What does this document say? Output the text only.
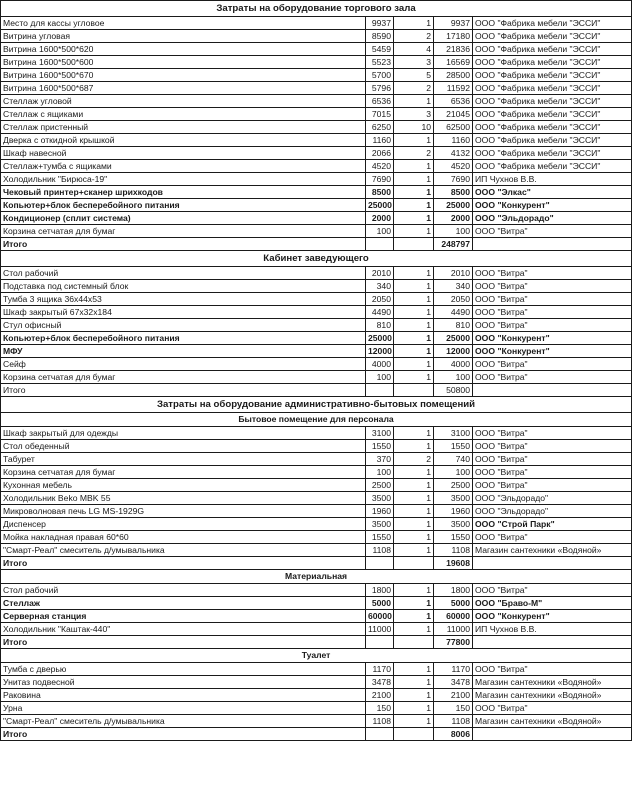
Затраты на оборудование торгового зала				
Место для кассы угловое	9937	1	9937	ООО "Фабрика мебели "ЭССИ"
Витрина угловая	8590	2	17180	ООО "Фабрика мебели "ЭССИ"
Витрина 1600*500*620	5459	4	21836	ООО "Фабрика мебели "ЭССИ"
Витрина 1600*500*600	5523	3	16569	ООО "Фабрика мебели "ЭССИ"
Витрина 1600*500*670	5700	5	28500	ООО "Фабрика мебели "ЭССИ"
Витрина 1600*500*687	5796	2	11592	ООО "Фабрика мебели "ЭССИ"
Стеллаж угловой	6536	1	6536	ООО "Фабрика мебели "ЭССИ"
Стеллаж с ящиками	7015	3	21045	ООО "Фабрика мебели "ЭССИ"
Стеллаж пристенный	6250	10	62500	ООО "Фабрика мебели "ЭССИ"
Дверка с откидной крышкой	1160	1	1160	ООО "Фабрика мебели "ЭССИ"
Шкаф навесной	2066	2	4132	ООО "Фабрика мебели "ЭССИ"
Стеллаж+тумба с ящиками	4520	1	4520	ООО "Фабрика мебели "ЭССИ"
Холодильник "Бирюса-19"	7690	1	7690	ИП Чухнов В.В.
Чековый принтер+сканер шрихкодов	8500	1	8500	ООО "Элкас"
Копьютер+блок бесперебойного питания	25000	1	25000	ООО "Конкурент"
Кондиционер (сплит система)	2000	1	2000	ООО "Эльдорадо"
Корзина сетчатая для бумаг	100	1	100	ООО "Витра"
Итого			248797	
Кабинет заведующего				
Стол рабочий	2010	1	2010	ООО "Витра"
Подставка под системный блок	340	1	340	ООО "Витра"
Тумба 3 ящика 36х44х53	2050	1	2050	ООО "Витра"
Шкаф закрытый 67х32х184	4490	1	4490	ООО "Витра"
Стул офисный	810	1	810	ООО "Витра"
Копьютер+блок бесперебойного питания	25000	1	25000	ООО "Конкурент"
МФУ	12000	1	12000	ООО "Конкурент"
Сейф	4000	1	4000	ООО "Витра"
Корзина сетчатая для бумаг	100	1	100	ООО "Витра"
Итого			50800	
Затраты на оборудование административно-бытовых помещений				
Бытовое помещение для персонала				
Шкаф закрытый для одежды	3100	1	3100	ООО "Витра"
Стол обеденный	1550	1	1550	ООО "Витра"
Табурет	370	2	740	ООО "Витра"
Корзина сетчатая для бумаг	100	1	100	ООО "Витра"
Кухонная мебель	2500	1	2500	ООО "Витра"
Холодильник Beko MBK 55	3500	1	3500	ООО "Эльдорадо"
Микроволновая печь LG MS-1929G	1960	1	1960	ООО "Эльдорадо"
Диспенсер	3500	1	3500	ООО "Строй Парк"
Мойка накладная правая 60*60	1550	1	1550	ООО "Витра"
"Смарт-Реал" смеситель д/умывальника	1108	1	1108	Магазин сантехники «Водяной»
Итого			19608	
Материальная				
Стол рабочий	1800	1	1800	ООО "Витра"
Стеллаж	5000	1	5000	ООО "Браво-М"
Серверная станция	60000	1	60000	ООО "Конкурент"
Холодильник "Каштак-440"	11000	1	11000	ИП Чухнов В.В.
Итого			77800	
Туалет				
Тумба с дверью	1170	1	1170	ООО "Витра"
Унитаз подвесной	3478	1	3478	Магазин сантехники «Водяной»
Раковина	2100	1	2100	Магазин сантехники «Водяной»
Урна	150	1	150	ООО "Витра"
"Смарт-Реал" смеситель д/умывальника	1108	1	1108	Магазин сантехники «Водяной»
Итого			8006	
